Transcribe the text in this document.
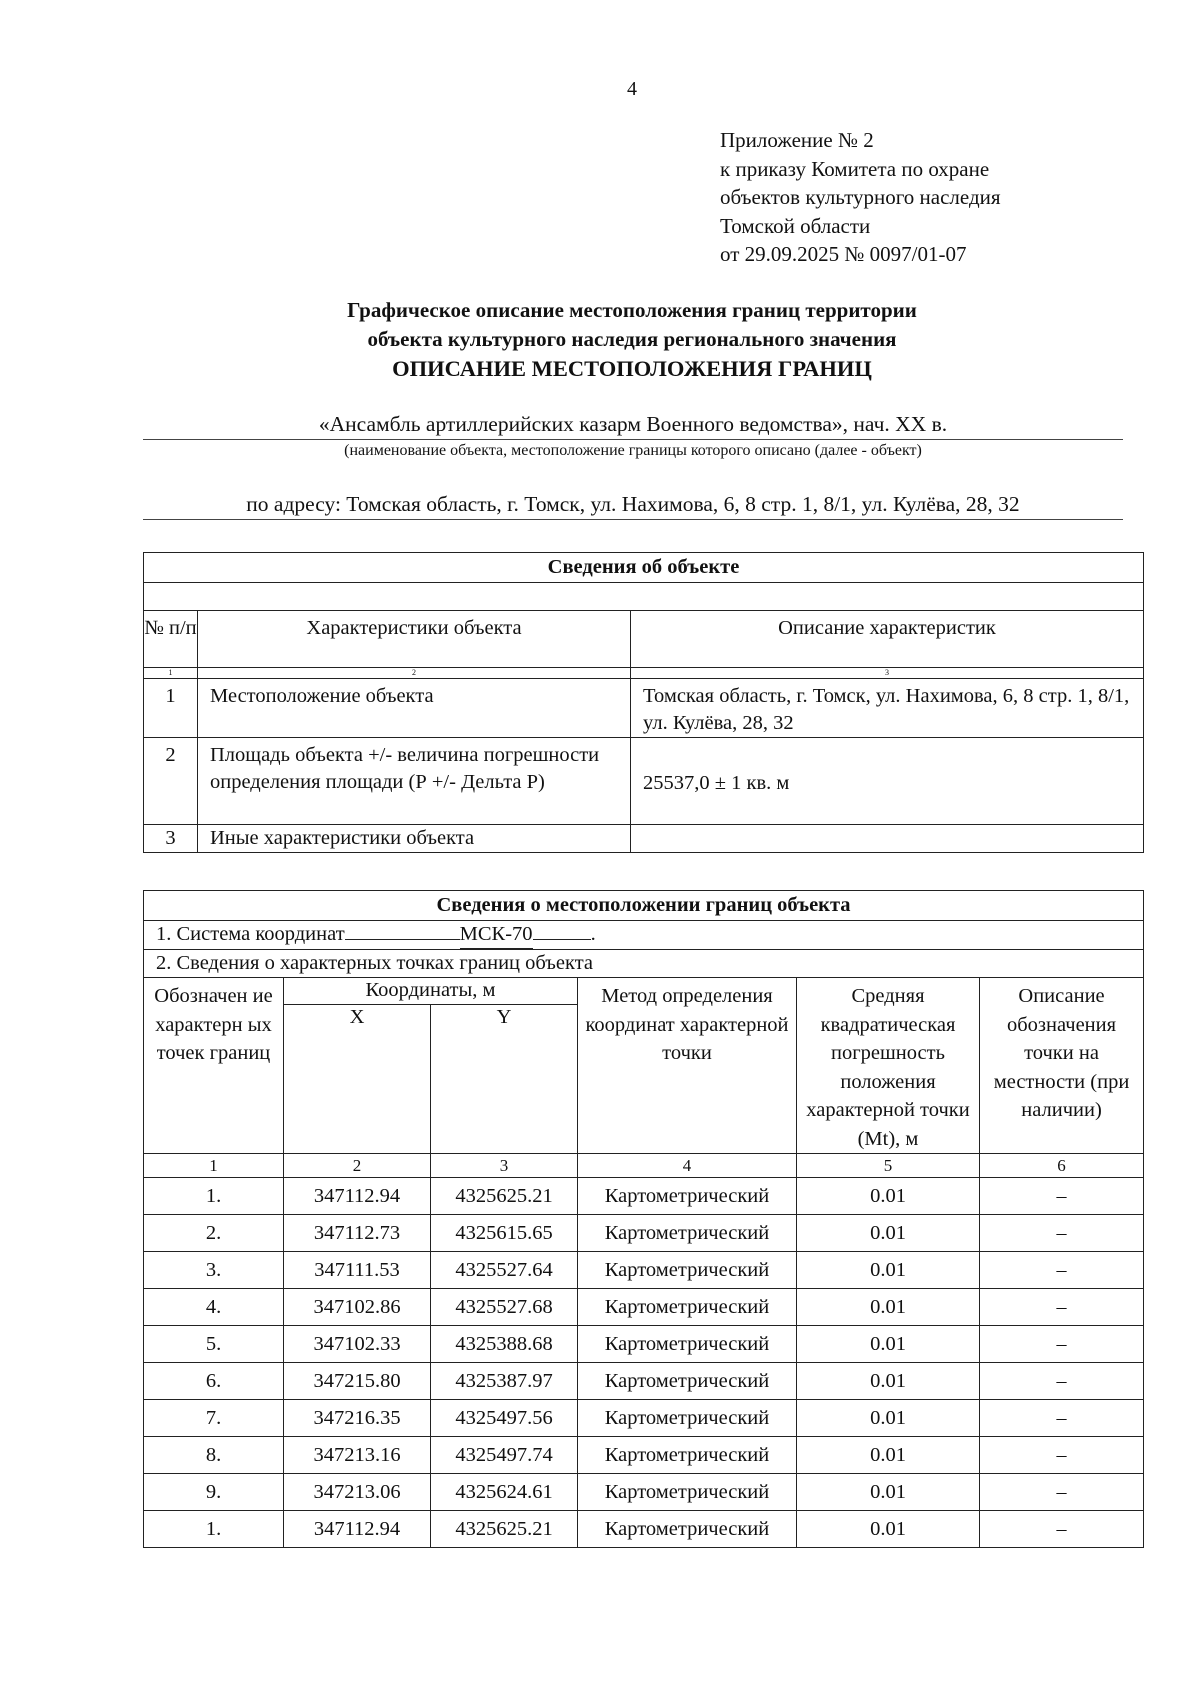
4
Приложение № 2
к приказу Комитета по охране
объектов культурного наследия
Томской области
от 29.09.2025 № 0097/01-07
Графическое описание местоположения границ территории
объекта культурного наследия регионального значения
ОПИСАНИЕ МЕСТОПОЛОЖЕНИЯ ГРАНИЦ
«Ансамбль артиллерийских казарм Военного ведомства», нач. XX в.
(наименование объекта, местоположение границы которого описано (далее - объект)
по адресу: Томская область, г. Томск, ул. Нахимова, 6, 8 стр. 1, 8/1, ул. Кулёва, 28, 32
Сведения об объекте		

№ п/п	Характеристики объекта	Описание характеристик
1	2	3
1	Местоположение объекта	Томская область, г. Томск, ул. Нахимова, 6, 8 стр. 1, 8/1, ул. Кулёва, 28, 32
2	Площадь объекта +/- величина погрешности определения площади (Р +/- Дельта Р)	25537,0 ± 1 кв. м
3	Иные характеристики объекта	
Сведения о местоположении границ объекта					
1. Система координат МСК-70 .					
2. Сведения о характерных точках границ объекта					
Обозначен ие характерн ых точек границ	Координаты, м		Метод определения координат характерной точки	Средняя квадратическая погрешность положения характерной точки (Mt), м	Описание обозначения точки на местности (при наличии)
	X	Y			
1	2	3	4	5	6
1.	347112.94	4325625.21	Картометрический	0.01	–
2.	347112.73	4325615.65	Картометрический	0.01	–
3.	347111.53	4325527.64	Картометрический	0.01	–
4.	347102.86	4325527.68	Картометрический	0.01	–
5.	347102.33	4325388.68	Картометрический	0.01	–
6.	347215.80	4325387.97	Картометрический	0.01	–
7.	347216.35	4325497.56	Картометрический	0.01	–
8.	347213.16	4325497.74	Картометрический	0.01	–
9.	347213.06	4325624.61	Картометрический	0.01	–
1.	347112.94	4325625.21	Картометрический	0.01	–
